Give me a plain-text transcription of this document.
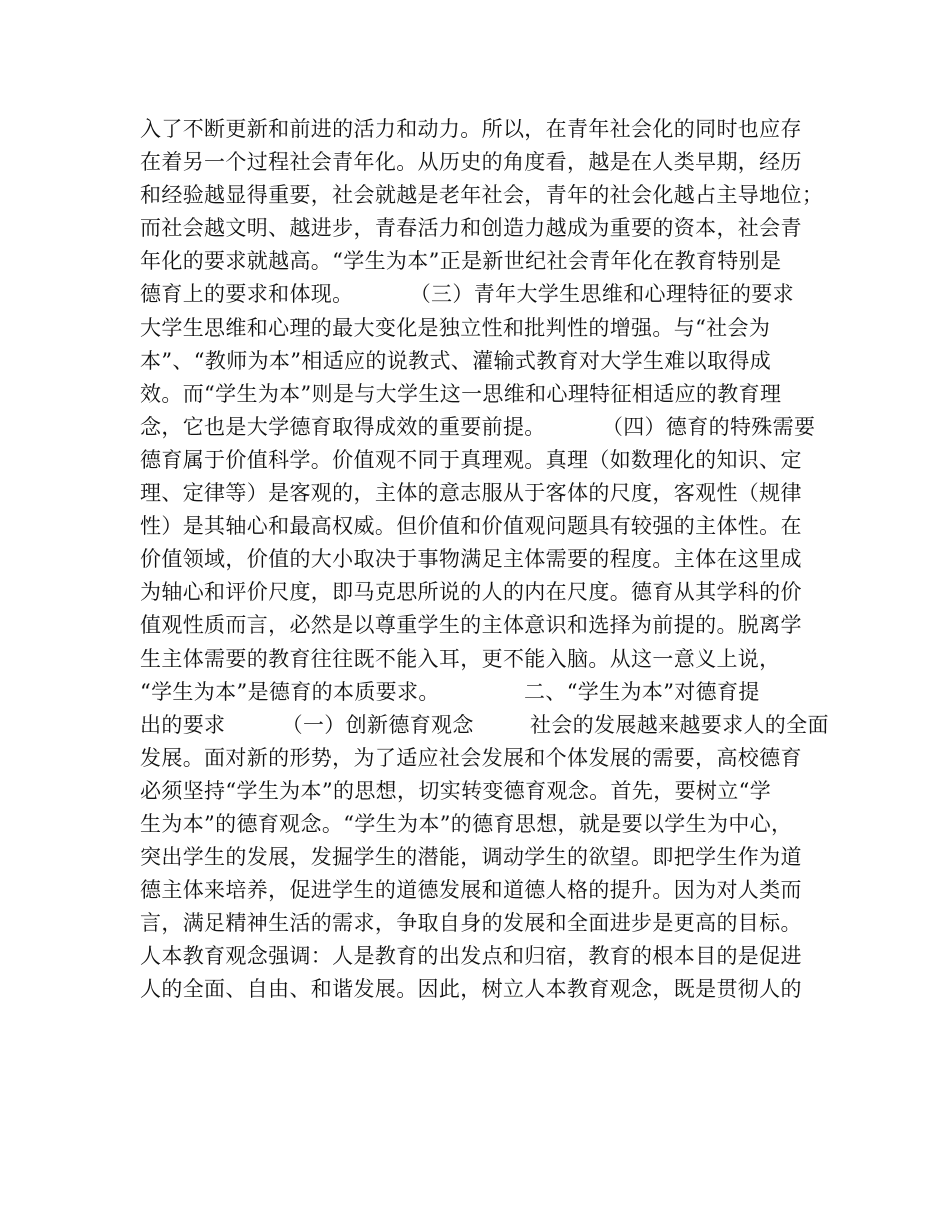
入了不断更新和前进的活力和动力。所以，在青年社会化的同时也应存
在着另一个过程社会青年化。从历史的角度看，越是在人类早期，经历
和经验越显得重要，社会就越是老年社会，青年的社会化越占主导地位；
而社会越文明、越进步，青春活力和创造力越成为重要的资本，社会青
年化的要求就越高。“学生为本”正是新世纪社会青年化在教育特别是
德育上的要求和体现。        （三）青年大学生思维和心理特征的要求
大学生思维和心理的最大变化是独立性和批判性的增强。与“社会为
本”、“教师为本”相适应的说教式、灌输式教育对大学生难以取得成
效。而“学生为本”则是与大学生这一思维和心理特征相适应的教育理
念，它也是大学德育取得成效的重要前提。        （四）德育的特殊需要
德育属于价值科学。价值观不同于真理观。真理（如数理化的知识、定
理、定律等）是客观的，主体的意志服从于客体的尺度，客观性（规律
性）是其轴心和最高权威。但价值和价值观问题具有较强的主体性。在
价值领域，价值的大小取决于事物满足主体需要的程度。主体在这里成
为轴心和评价尺度，即马克思所说的人的内在尺度。德育从其学科的价
值观性质而言，必然是以尊重学生的主体意识和选择为前提的。脱离学
生主体需要的教育往往既不能入耳，更不能入脑。从这一意义上说，
“学生为本”是德育的本质要求。            二、“学生为本”对德育提
出的要求        （一）创新德育观念        社会的发展越来越要求人的全面
发展。面对新的形势，为了适应社会发展和个体发展的需要，高校德育
必须坚持“学生为本”的思想，切实转变德育观念。首先，要树立“学
生为本”的德育观念。“学生为本”的德育思想，就是要以学生为中心，
突出学生的发展，发掘学生的潜能，调动学生的欲望。即把学生作为道
德主体来培养，促进学生的道德发展和道德人格的提升。因为对人类而
言，满足精神生活的需求，争取自身的发展和全面进步是更高的目标。
人本教育观念强调：人是教育的出发点和归宿，教育的根本目的是促进
人的全面、自由、和谐发展。因此，树立人本教育观念，既是贯彻人的
